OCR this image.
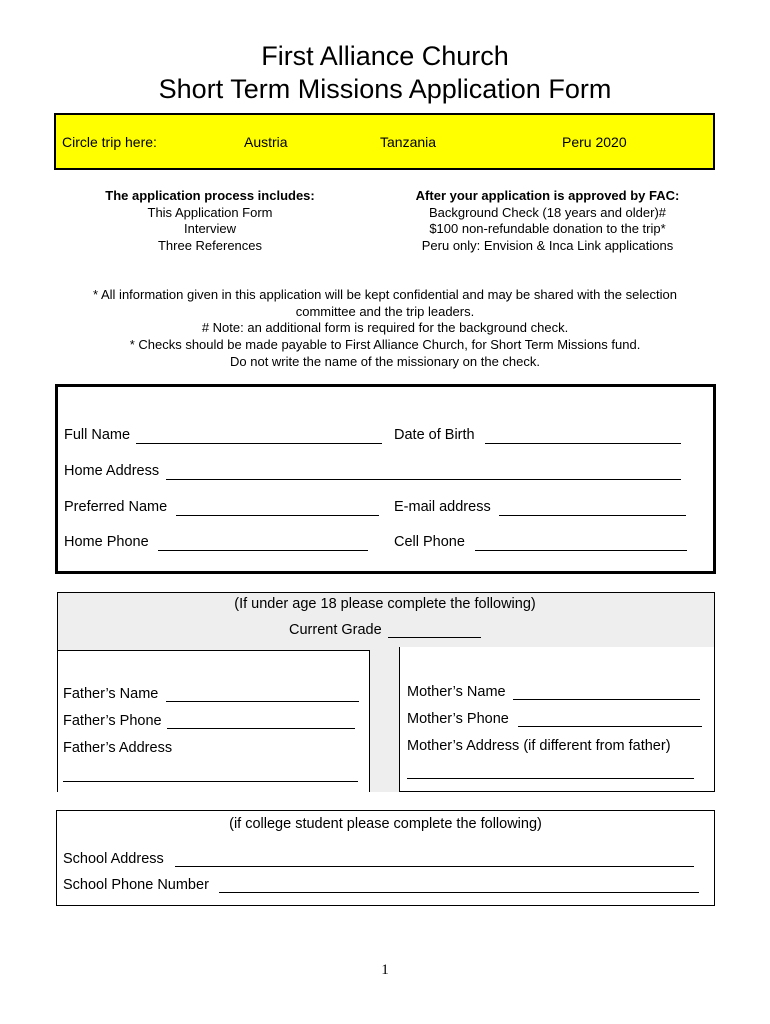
First Alliance Church
Short Term Missions Application Form
Circle trip here:	Austria	Tanzania	Peru 2020
The application process includes:
This Application Form
Interview
Three References
After your application is approved by FAC:
Background Check (18 years and older)#
$100 non-refundable donation to the trip*
Peru only: Envision & Inca Link applications
* All information given in this application will be kept confidential and may be shared with the selection
committee and the trip leaders.
# Note: an additional form is required for the background check.
* Checks should be made payable to First Alliance Church, for Short Term Missions fund.
Do not write the name of the missionary on the check.
Full Name	Date of Birth
Home Address
Preferred Name	E-mail address
Home Phone	Cell Phone
(If under age 18 please complete the following)
Current Grade
Father’s Name
Father’s Phone
Father’s Address
Mother’s Name
Mother’s Phone
Mother’s Address (if different from father)
(if college student please complete the following)
School Address
School Phone Number
1
